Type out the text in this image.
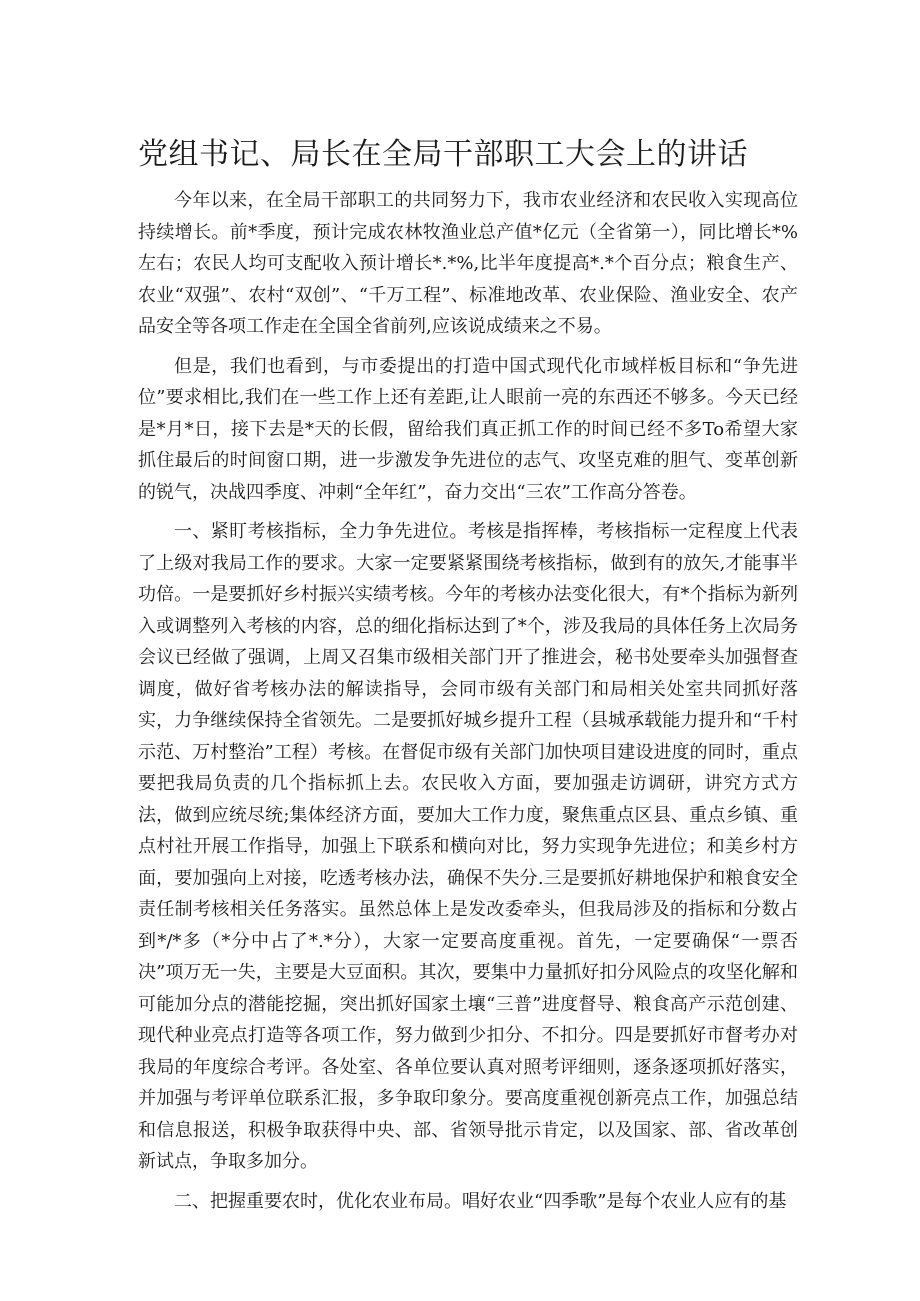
党组书记、局长在全局干部职工大会上的讲话

今年以来，在全局干部职工的共同努力下，我市农业经济和农民收入实现高位持续增长。前*季度，预计完成农林牧渔业总产值*亿元（全省第一），同比增长*%左右；农民人均可支配收入预计增长*.*%,比半年度提高*.*个百分点；粮食生产、农业“双强”、农村“双创”、“千万工程”、标准地改革、农业保险、渔业安全、农产品安全等各项工作走在全国全省前列,应该说成绩来之不易。

但是，我们也看到，与市委提出的打造中国式现代化市域样板目标和“争先进位”要求相比,我们在一些工作上还有差距,让人眼前一亮的东西还不够多。今天已经是*月*日，接下去是*天的长假，留给我们真正抓工作的时间已经不多To希望大家抓住最后的时间窗口期，进一步激发争先进位的志气、攻坚克难的胆气、变革创新的锐气，决战四季度、冲刺“全年红”，奋力交出“三农”工作高分答卷。

一、紧盯考核指标，全力争先进位。考核是指挥棒，考核指标一定程度上代表了上级对我局工作的要求。大家一定要紧紧围绕考核指标，做到有的放矢,才能事半功倍。一是要抓好乡村振兴实绩考核。今年的考核办法变化很大，有*个指标为新列入或调整列入考核的内容，总的细化指标达到了*个，涉及我局的具体任务上次局务会议已经做了强调，上周又召集市级相关部门开了推进会，秘书处要牵头加强督查调度，做好省考核办法的解读指导，会同市级有关部门和局相关处室共同抓好落实，力争继续保持全省领先。二是要抓好城乡提升工程（县城承载能力提升和“千村示范、万村整治”工程）考核。在督促市级有关部门加快项目建设进度的同时，重点要把我局负责的几个指标抓上去。农民收入方面，要加强走访调研，讲究方式方法，做到应统尽统;集体经济方面，要加大工作力度，聚焦重点区县、重点乡镇、重点村社开展工作指导，加强上下联系和横向对比，努力实现争先进位；和美乡村方面，要加强向上对接，吃透考核办法，确保不失分.三是要抓好耕地保护和粮食安全责任制考核相关任务落实。虽然总体上是发改委牵头，但我局涉及的指标和分数占到*/*多（*分中占了*.*分），大家一定要高度重视。首先，一定要确保“一票否决”项万无一失，主要是大豆面积。其次，要集中力量抓好扣分风险点的攻坚化解和可能加分点的潜能挖掘，突出抓好国家土壤“三普”进度督导、粮食高产示范创建、现代种业亮点打造等各项工作，努力做到少扣分、不扣分。四是要抓好市督考办对我局的年度综合考评。各处室、各单位要认真对照考评细则，逐条逐项抓好落实，并加强与考评单位联系汇报，多争取印象分。要高度重视创新亮点工作，加强总结和信息报送，积极争取获得中央、部、省领导批示肯定，以及国家、部、省改革创新试点，争取多加分。

二、把握重要农时，优化农业布局。唱好农业“四季歌”是每个农业人应有的基
